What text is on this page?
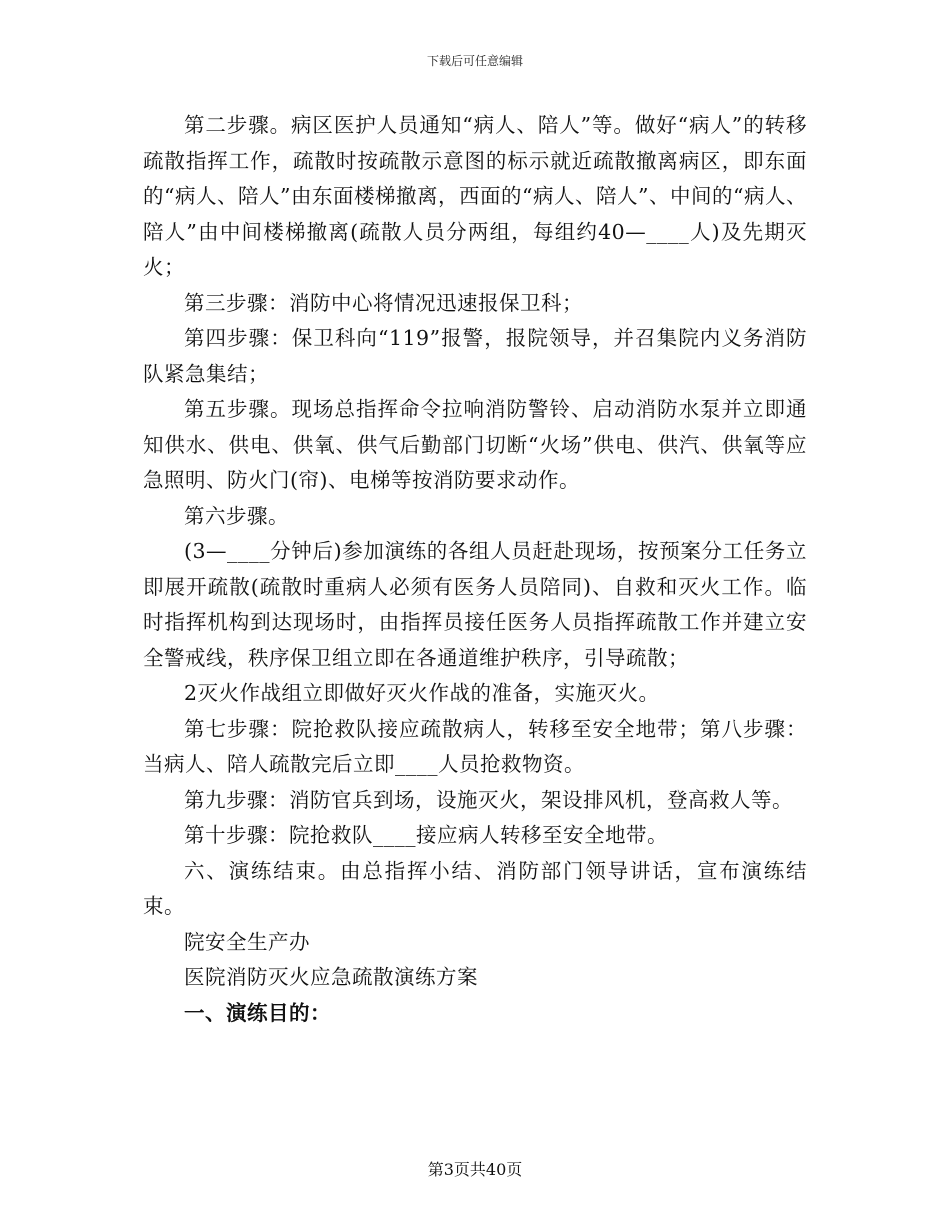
下载后可任意编辑

第二步骤。病区医护人员通知“病人、陪人”等。做好“病人”的转移疏散指挥工作，疏散时按疏散示意图的标示就近疏散撤离病区，即东面的“病人、陪人”由东面楼梯撤离，西面的“病人、陪人”、中间的“病人、陪人”由中间楼梯撤离(疏散人员分两组，每组约40—____人)及先期灭火；

第三步骤：消防中心将情况迅速报保卫科；

第四步骤：保卫科向“119”报警，报院领导，并召集院内义务消防队紧急集结；

第五步骤。现场总指挥命令拉响消防警铃、启动消防水泵并立即通知供水、供电、供氧、供气后勤部门切断“火场”供电、供汽、供氧等应急照明、防火门(帘)、电梯等按消防要求动作。

第六步骤。

(3—____分钟后)参加演练的各组人员赶赴现场，按预案分工任务立即展开疏散(疏散时重病人必须有医务人员陪同)、自救和灭火工作。临时指挥机构到达现场时，由指挥员接任医务人员指挥疏散工作并建立安全警戒线，秩序保卫组立即在各通道维护秩序，引导疏散；

2灭火作战组立即做好灭火作战的准备，实施灭火。

第七步骤：院抢救队接应疏散病人，转移至安全地带；第八步骤：当病人、陪人疏散完后立即____人员抢救物资。

第九步骤：消防官兵到场，设施灭火，架设排风机，登高救人等。

第十步骤：院抢救队____接应病人转移至安全地带。

六、演练结束。由总指挥小结、消防部门领导讲话，宣布演练结束。

院安全生产办

医院消防灭火应急疏散演练方案

一、演练目的：

第3页共40页
